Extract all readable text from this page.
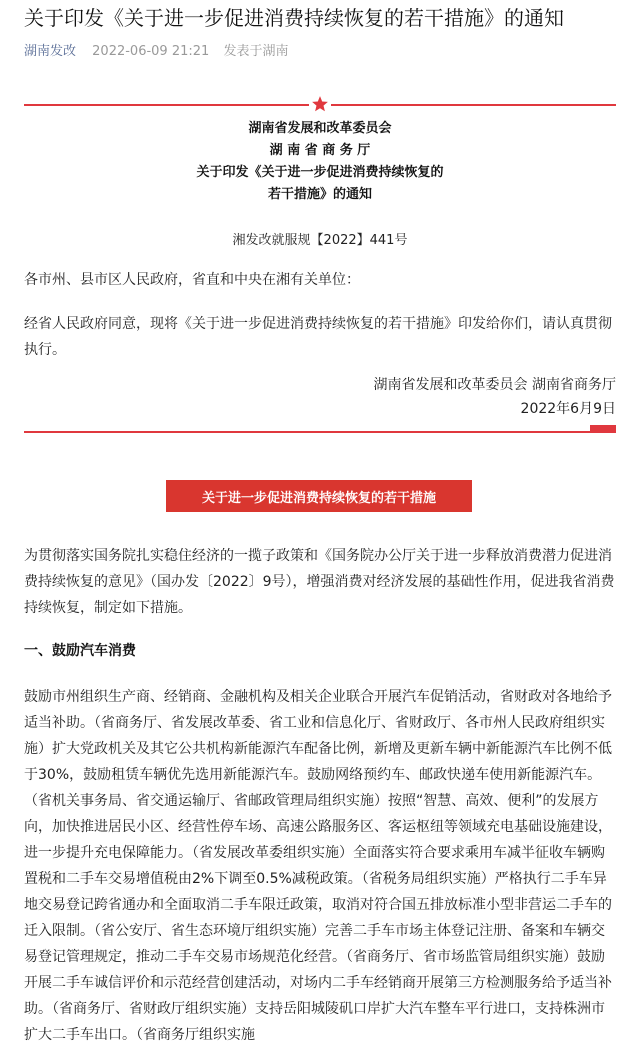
关于印发《关于进一步促进消费持续恢复的若干措施》的通知
湖南发改 2022-06-09 21:21 发表于湖南
湖南省发展和改革委员会
湖 南 省 商 务 厅
关于印发《关于进一步促进消费持续恢复的
若干措施》的通知
湘发改就服规【2022】441号

各市州、县市区人民政府，省直和中央在湘有关单位：

经省人民政府同意，现将《关于进一步促进消费持续恢复的若干措施》印发给你们，请认真贯彻执行。

湖南省发展和改革委员会 湖南省商务厅
2022年6月9日
关于进一步促进消费持续恢复的若干措施

为贯彻落实国务院扎实稳住经济的一揽子政策和《国务院办公厅关于进一步释放消费潜力促进消费持续恢复的意见》（国办发〔2022〕9号），增强消费对经济发展的基础性作用，促进我省消费持续恢复，制定如下措施。

一、鼓励汽车消费

鼓励市州组织生产商、经销商、金融机构及相关企业联合开展汽车促销活动，省财政对各地给予适当补助。（省商务厅、省发展改革委、省工业和信息化厅、省财政厅、各市州人民政府组织实施）扩大党政机关及其它公共机构新能源汽车配备比例，新增及更新车辆中新能源汽车比例不低于30%，鼓励租赁车辆优先选用新能源汽车。鼓励网络预约车、邮政快递车使用新能源汽车。（省机关事务局、省交通运输厅、省邮政管理局组织实施）按照“智慧、高效、便利”的发展方向，加快推进居民小区、经营性停车场、高速公路服务区、客运枢纽等领域充电基础设施建设，进一步提升充电保障能力。（省发展改革委组织实施）全面落实符合要求乘用车减半征收车辆购置税和二手车交易增值税由2%下调至0.5%减税政策。（省税务局组织实施）严格执行二手车异地交易登记跨省通办和全面取消二手车限迁政策，取消对符合国五排放标准小型非营运二手车的迁入限制。（省公安厅、省生态环境厅组织实施）完善二手车市场主体登记注册、备案和车辆交易登记管理规定，推动二手车交易市场规范化经营。（省商务厅、省市场监管局组织实施）鼓励开展二手车诚信评价和示范经营创建活动，对场内二手车经销商开展第三方检测服务给予适当补助。（省商务厅、省财政厅组织实施）支持岳阳城陵矶口岸扩大汽车整车平行进口，支持株洲市扩大二手车出口。（省商务厅组织实施
